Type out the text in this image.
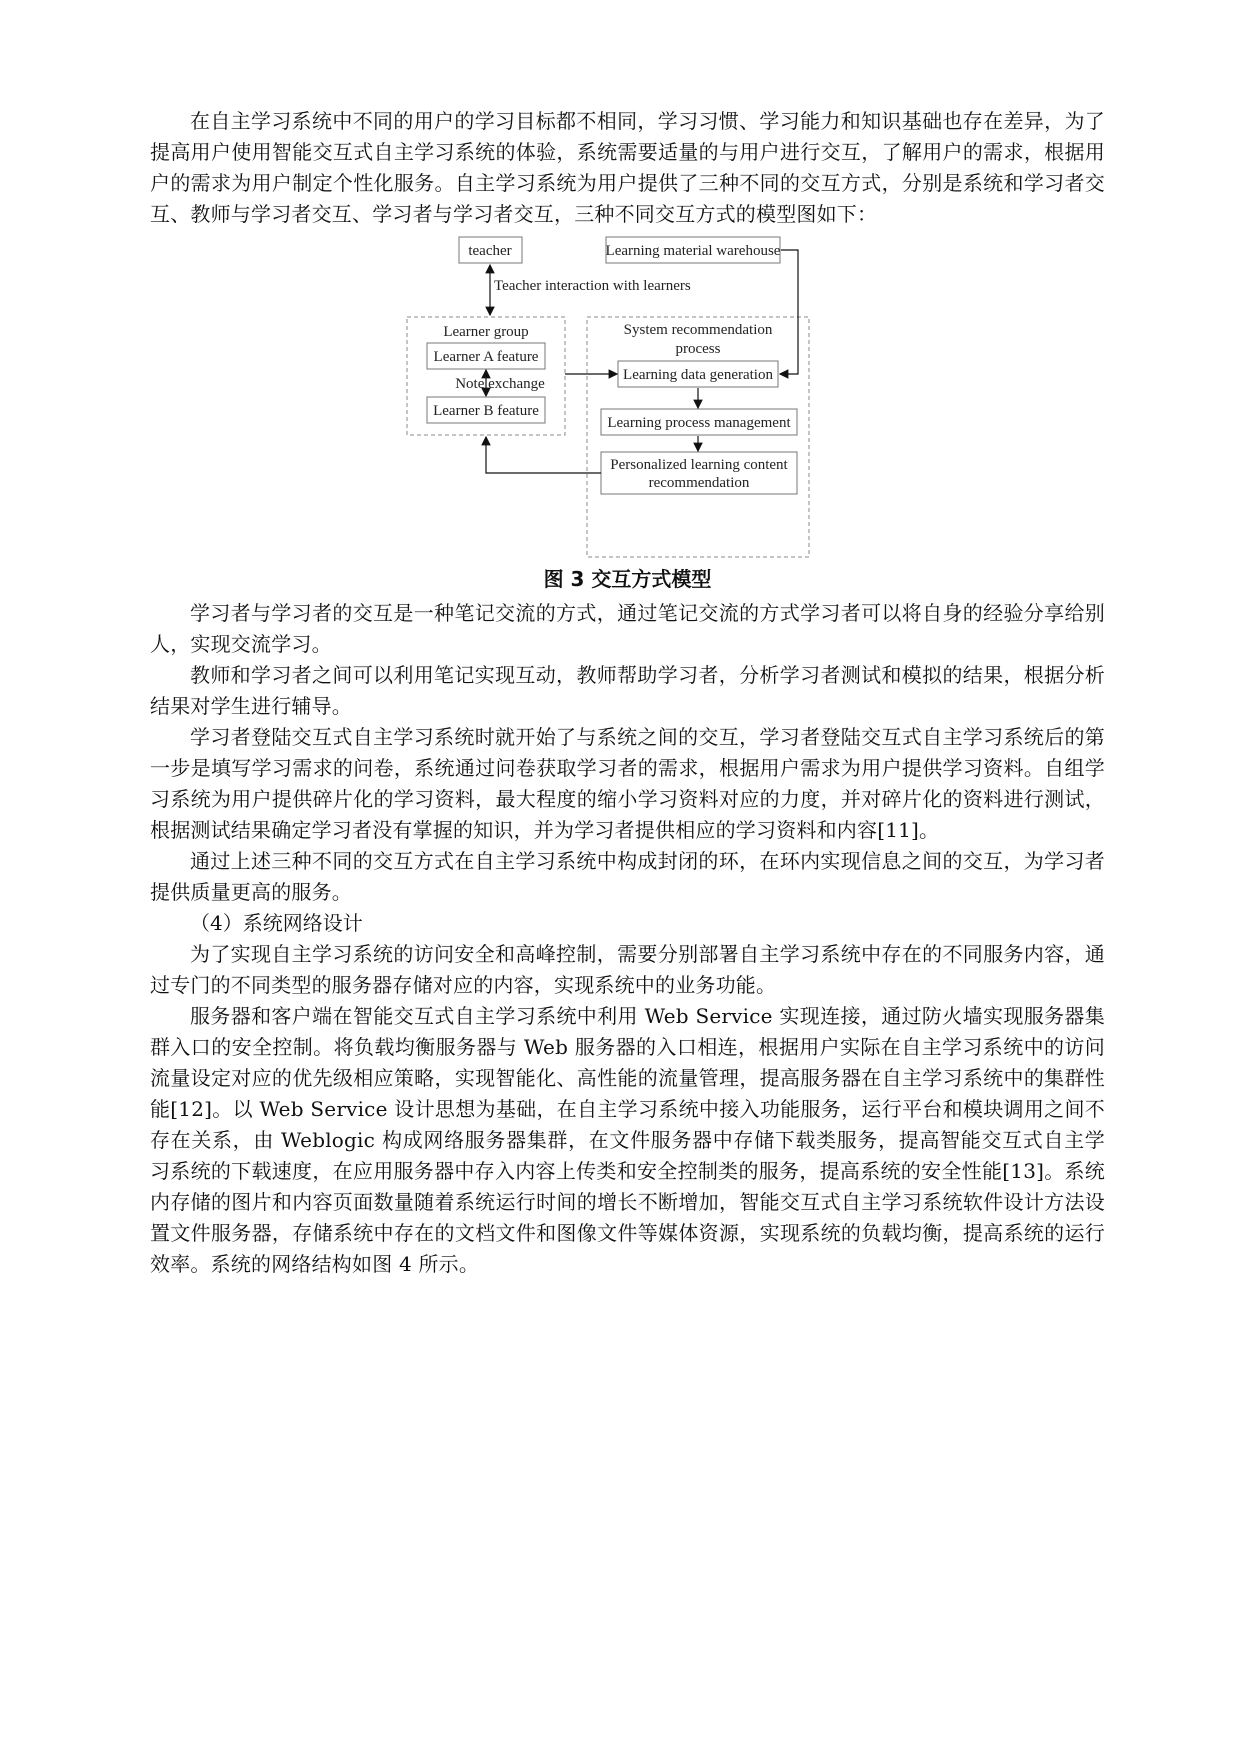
在自主学习系统中不同的用户的学习目标都不相同，学习习惯、学习能力和知识基础也存在差异，为了提高用户使用智能交互式自主学习系统的体验，系统需要适量的与用户进行交互，了解用户的需求，根据用户的需求为用户制定个性化服务。自主学习系统为用户提供了三种不同的交互方式，分别是系统和学习者交互、教师与学习者交互、学习者与学习者交互，三种不同交互方式的模型图如下：

teacher	Learning material warehouse
Teacher interaction with learners
Learner group
Learner A feature
Note exchange
Learner B feature
System recommendation
process
Learning data generation
Learning process management
Personalized learning content
recommendation
图 3 交互方式模型

学习者与学习者的交互是一种笔记交流的方式，通过笔记交流的方式学习者可以将自身的经验分享给别人，实现交流学习。

教师和学习者之间可以利用笔记实现互动，教师帮助学习者，分析学习者测试和模拟的结果，根据分析结果对学生进行辅导。

学习者登陆交互式自主学习系统时就开始了与系统之间的交互，学习者登陆交互式自主学习系统后的第一步是填写学习需求的问卷，系统通过问卷获取学习者的需求，根据用户需求为用户提供学习资料。自组学习系统为用户提供碎片化的学习资料，最大程度的缩小学习资料对应的力度，并对碎片化的资料进行测试，根据测试结果确定学习者没有掌握的知识，并为学习者提供相应的学习资料和内容[11]。

通过上述三种不同的交互方式在自主学习系统中构成封闭的环，在环内实现信息之间的交互，为学习者提供质量更高的服务。

（4）系统网络设计

为了实现自主学习系统的访问安全和高峰控制，需要分别部署自主学习系统中存在的不同服务内容，通过专门的不同类型的服务器存储对应的内容，实现系统中的业务功能。

服务器和客户端在智能交互式自主学习系统中利用 Web Service 实现连接，通过防火墙实现服务器集群入口的安全控制。将负载均衡服务器与 Web 服务器的入口相连，根据用户实际在自主学习系统中的访问流量设定对应的优先级相应策略，实现智能化、高性能的流量管理，提高服务器在自主学习系统中的集群性能[12]。以 Web Service 设计思想为基础，在自主学习系统中接入功能服务，运行平台和模块调用之间不存在关系，由 Weblogic 构成网络服务器集群，在文件服务器中存储下载类服务，提高智能交互式自主学习系统的下载速度，在应用服务器中存入内容上传类和安全控制类的服务，提高系统的安全性能[13]。系统内存储的图片和内容页面数量随着系统运行时间的增长不断增加，智能交互式自主学习系统软件设计方法设置文件服务器，存储系统中存在的文档文件和图像文件等媒体资源，实现系统的负载均衡，提高系统的运行效率。系统的网络结构如图 4 所示。
